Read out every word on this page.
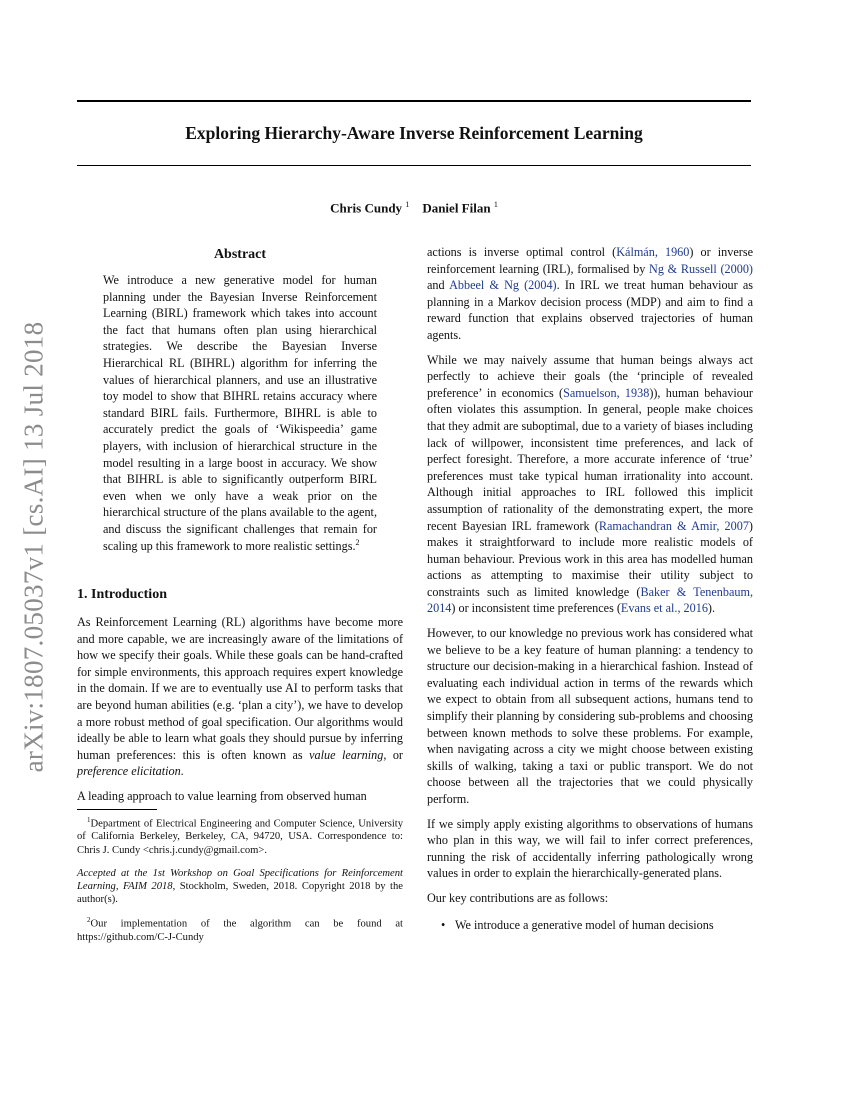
arXiv:1807.05037v1 [cs.AI] 13 Jul 2018
Exploring Hierarchy-Aware Inverse Reinforcement Learning
Chris Cundy $^1$ Daniel Filan $^1$
Abstract
We introduce a new generative model for human planning under the Bayesian Inverse Reinforcement Learning (BIRL) framework which takes into account the fact that humans often plan using hierarchical strategies. We describe the Bayesian Inverse Hierarchical RL (BIHRL) algorithm for inferring the values of hierarchical planners, and use an illustrative toy model to show that BIHRL retains accuracy where standard BIRL fails. Furthermore, BIHRL is able to accurately predict the goals of ‘Wikispeedia’ game players, with inclusion of hierarchical structure in the model resulting in a large boost in accuracy. We show that BIHRL is able to significantly outperform BIRL even when we only have a weak prior on the hierarchical structure of the plans available to the agent, and discuss the significant challenges that remain for scaling up this framework to more realistic settings.$^2$
1. Introduction

As Reinforcement Learning (RL) algorithms have become more and more capable, we are increasingly aware of the limitations of how we specify their goals. While these goals can be hand-crafted for simple environments, this approach requires expert knowledge in the domain. If we are to eventually use AI to perform tasks that are beyond human abilities (e.g. ‘plan a city’), we have to develop a more robust method of goal specification. Our algorithms would ideally be able to learn what goals they should pursue by inferring human preferences: this is often known as value learning, or preference elicitation.

A leading approach to value learning from observed human

$^1$Department of Electrical Engineering and Computer Science, University of California Berkeley, Berkeley, CA, 94720, USA. Correspondence to: Chris J. Cundy <chris.j.cundy@gmail.com>.

Accepted at the 1st Workshop on Goal Specifications for Reinforcement Learning, FAIM 2018, Stockholm, Sweden, 2018. Copyright 2018 by the author(s).

$^2$Our implementation of the algorithm can be found at https://github.com/C-J-Cundy

actions is inverse optimal control (Kálmán, 1960) or inverse reinforcement learning (IRL), formalised by Ng & Russell (2000) and Abbeel & Ng (2004). In IRL we treat human behaviour as planning in a Markov decision process (MDP) and aim to find a reward function that explains observed trajectories of human agents.

While we may naively assume that human beings always act perfectly to achieve their goals (the ‘principle of revealed preference’ in economics (Samuelson, 1938)), human behaviour often violates this assumption. In general, people make choices that they admit are suboptimal, due to a variety of biases including lack of willpower, inconsistent time preferences, and lack of perfect foresight. Therefore, a more accurate inference of ‘true’ preferences must take typical human irrationality into account. Although initial approaches to IRL followed this implicit assumption of rationality of the demonstrating expert, the more recent Bayesian IRL framework (Ramachandran & Amir, 2007) makes it straightforward to include more realistic models of human behaviour. Previous work in this area has modelled human actions as attempting to maximise their utility subject to constraints such as limited knowledge (Baker & Tenenbaum, 2014) or inconsistent time preferences (Evans et al., 2016).

However, to our knowledge no previous work has considered what we believe to be a key feature of human planning: a tendency to structure our decision-making in a hierarchical fashion. Instead of evaluating each individual action in terms of the rewards which we expect to obtain from all subsequent actions, humans tend to simplify their planning by considering sub-problems and choosing between known methods to solve these problems. For example, when navigating across a city we might choose between existing skills of walking, taking a taxi or public transport. We do not choose between all the trajectories that we could physically perform.

If we simply apply existing algorithms to observations of humans who plan in this way, we will fail to infer correct preferences, running the risk of accidentally inferring pathologically wrong values in order to explain the hierarchically-generated plans.

Our key contributions are as follows:

• We introduce a generative model of human decisions
